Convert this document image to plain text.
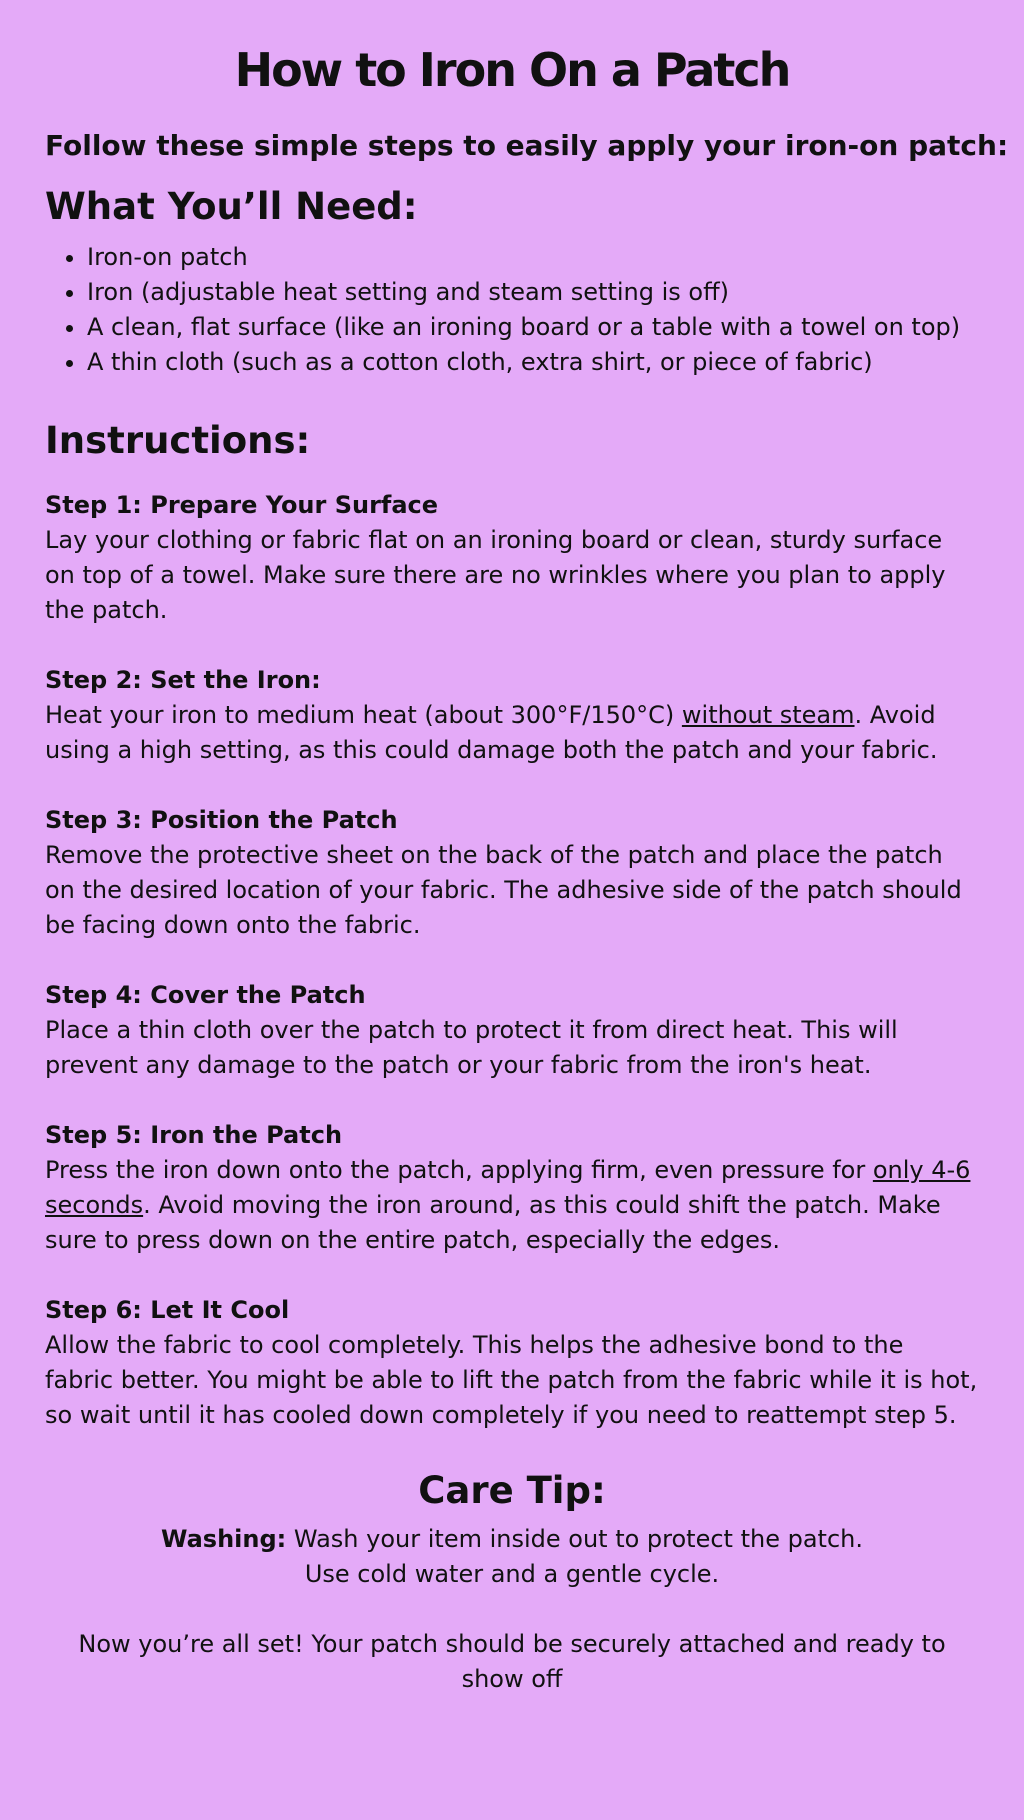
How to Iron On a Patch

Follow these simple steps to easily apply your iron-on patch:

What You’ll Need:
• Iron-on patch
• Iron (adjustable heat setting and steam setting is off)
• A clean, flat surface (like an ironing board or a table with a towel on top)
• A thin cloth (such as a cotton cloth, extra shirt, or piece of fabric)
Instructions:

Step 1: Prepare Your Surface

Lay your clothing or fabric flat on an ironing board or clean, sturdy surface on top of a towel. Make sure there are no wrinkles where you plan to apply the patch.

Step 2: Set the Iron:

Heat your iron to medium heat (about 300°F/150°C) without steam. Avoid using a high setting, as this could damage both the patch and your fabric.

Step 3: Position the Patch

Remove the protective sheet on the back of the patch and place the patch on the desired location of your fabric. The adhesive side of the patch should be facing down onto the fabric.

Step 4: Cover the Patch

Place a thin cloth over the patch to protect it from direct heat. This will prevent any damage to the patch or your fabric from the iron's heat.

Step 5: Iron the Patch

Press the iron down onto the patch, applying firm, even pressure for only 4-6 seconds. Avoid moving the iron around, as this could shift the patch. Make sure to press down on the entire patch, especially the edges.

Step 6: Let It Cool

Allow the fabric to cool completely. This helps the adhesive bond to the fabric better. You might be able to lift the patch from the fabric while it is hot, so wait until it has cooled down completely if you need to reattempt step 5.

Care Tip:

Washing: Wash your item inside out to protect the patch.
Use cold water and a gentle cycle.

Now you’re all set! Your patch should be securely attached and ready to show off
